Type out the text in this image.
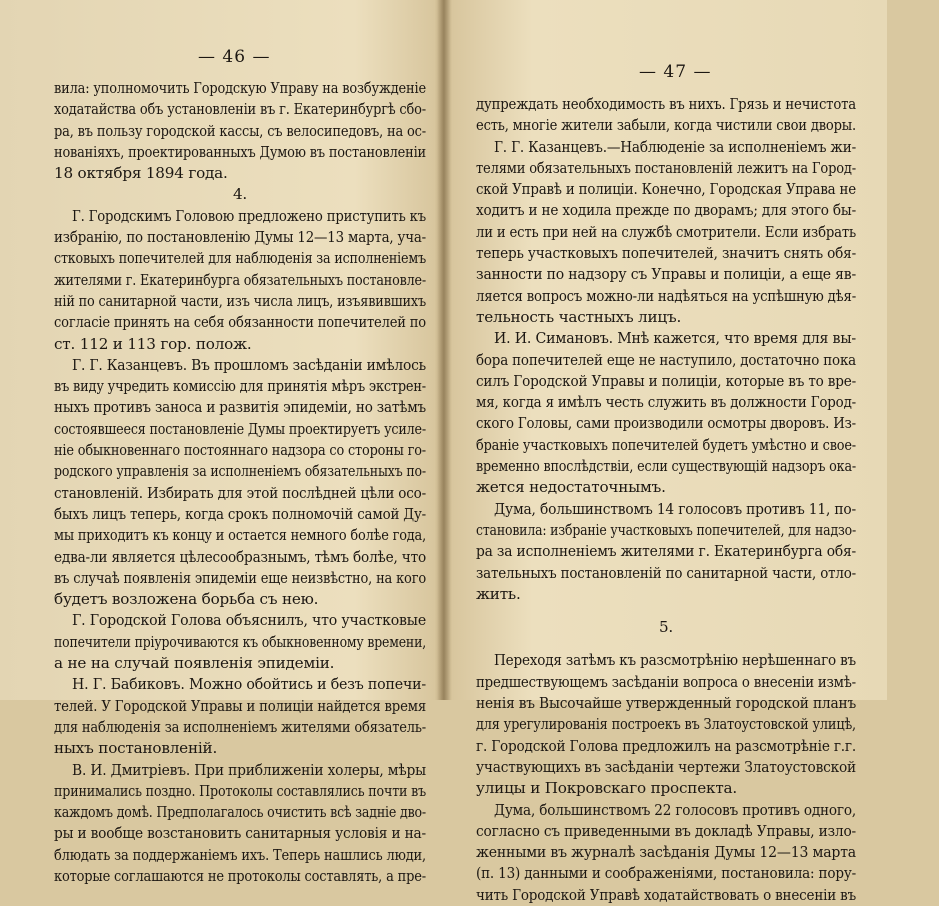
— 46 —
вила: уполномочить Городскую Управу на возбужденіе
ходатайства объ установленіи въ г. Екатеринбургѣ сбо-
ра, въ пользу городской кассы, съ велосипедовъ, на ос-
нованіяхъ, проектированныхъ Думою въ постановленіи
18 октября 1894 года.
4.
Г. Городскимъ Головою предложено приступить къ
избранію, по постановленію Думы 12—13 марта, уча-
стковыхъ попечителей для наблюденія за исполненіемъ
жителями г. Екатеринбурга обязательныхъ постановле-
ній по санитарной части, изъ числа лицъ, изъявившихъ
согласіе принять на себя обязанности попечителей по
ст. 112 и 113 гор. полож.
Г. Г. Казанцевъ. Въ прошломъ засѣданіи имѣлось
въ виду учредить комиссію для принятія мѣръ экстрен-
ныхъ противъ заноса и развитія эпидеміи, но затѣмъ
состоявшееся постановленіе Думы проектируетъ усиле-
ніе обыкновеннаго постояннаго надзора со стороны го-
родского управленія за исполненіемъ обязательныхъ по-
становленій. Избирать для этой послѣдней цѣли осо-
быхъ лицъ теперь, когда срокъ полномочій самой Ду-
мы приходитъ къ концу и остается немного болѣе года,
едва-ли является цѣлесообразнымъ, тѣмъ болѣе, что
въ случаѣ появленія эпидеміи еще неизвѣстно, на кого
будетъ возложена борьба съ нею.
Г. Городской Голова объяснилъ, что участковые
попечители пріурочиваются къ обыкновенному времени,
а не на случай появленія эпидеміи.
Н. Г. Бабиковъ. Можно обойтись и безъ попечи-
телей. У Городской Управы и полиціи найдется время
для наблюденія за исполненіемъ жителями обязатель-
ныхъ постановленій.
В. И. Дмитріевъ. При приближеніи холеры, мѣры
принимались поздно. Протоколы составлялись почти въ
каждомъ домѣ. Предполагалось очистить всѣ заднiе дво-
ры и вообще возстановить санитарныя условія и на-
блюдать за поддержаніемъ ихъ. Теперь нашлись люди,
которые соглашаются не протоколы составлять, а пре-
— 47 —
дупреждать необходимость въ нихъ. Грязь и нечистота
есть, многіе жители забыли, когда чистили свои дворы.
Г. Г. Казанцевъ.—Наблюденіе за исполненіемъ жи-
телями обязательныхъ постановленій лежитъ на Город-
ской Управѣ и полиціи. Конечно, Городская Управа не
ходитъ и не ходила прежде по дворамъ; для этого бы-
ли и есть при ней на службѣ смотрители. Если избрать
теперь участковыхъ попечителей, значитъ снять обя-
занности по надзору съ Управы и полиціи, а еще яв-
ляется вопросъ можно-ли надѣяться на успѣшную дѣя-
тельность частныхъ лицъ.
И. И. Симановъ. Мнѣ кажется, что время для вы-
бора попечителей еще не наступило, достаточно пока
силъ Городской Управы и полиціи, которые въ то вре-
мя, когда я имѣлъ честь служить въ должности Город-
ского Головы, сами производили осмотры дворовъ. Из-
браніе участковыхъ попечителей будетъ умѣстно и свое-
временно впослѣдствіи, если существующій надзоръ ока-
жется недостаточнымъ.
Дума, большинствомъ 14 голосовъ противъ 11, по-
становила: избраніе участковыхъ попечителей, для надзо-
ра за исполненіемъ жителями г. Екатеринбурга обя-
зательныхъ постановленій по санитарной части, отло-
жить.
5.
Переходя затѣмъ къ разсмотрѣнію нерѣшеннаго въ
предшествующемъ засѣданіи вопроса о внесеніи измѣ-
ненія въ Высочайше утвержденный городской планъ
для урегулированія построекъ въ Златоустовской улицѣ,
г. Городской Голова предложилъ на разсмотрѣніе г.г.
участвующихъ въ засѣданіи чертежи Златоустовской
улицы и Покровскаго проспекта.
Дума, большинствомъ 22 голосовъ противъ одного,
согласно съ приведенными въ докладѣ Управы, изло-
женными въ журналѣ засѣданія Думы 12—13 марта
(п. 13) данными и соображеніями, постановила: пору-
чить Городской Управѣ ходатайствовать о внесеніи въ
